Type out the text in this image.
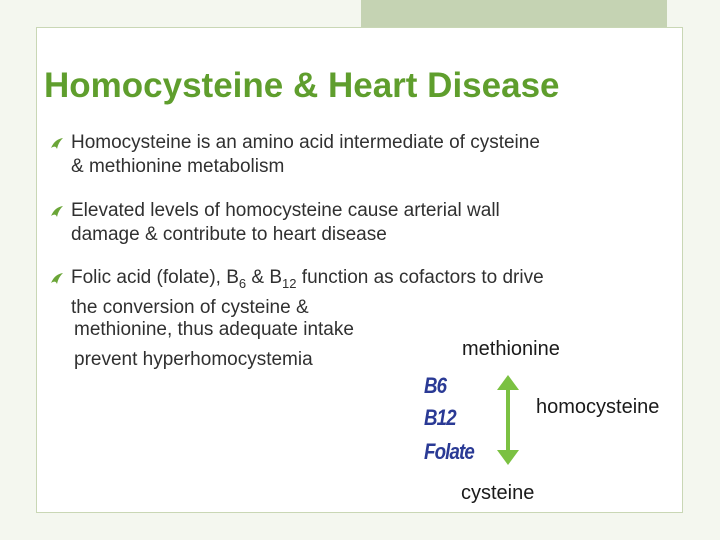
Homocysteine & Heart Disease
Homocysteine is an amino acid intermediate of cysteine
& methionine metabolism
Elevated levels of homocysteine cause arterial wall
damage & contribute to heart disease
Folic acid (folate), $B_6$ & $B_{12}$ function as cofactors to drive
the conversion of cysteine &
methionine, thus adequate intake
prevent hyperhomocystemia	methionine
homocysteine
cysteine
B6
B12
Folate
